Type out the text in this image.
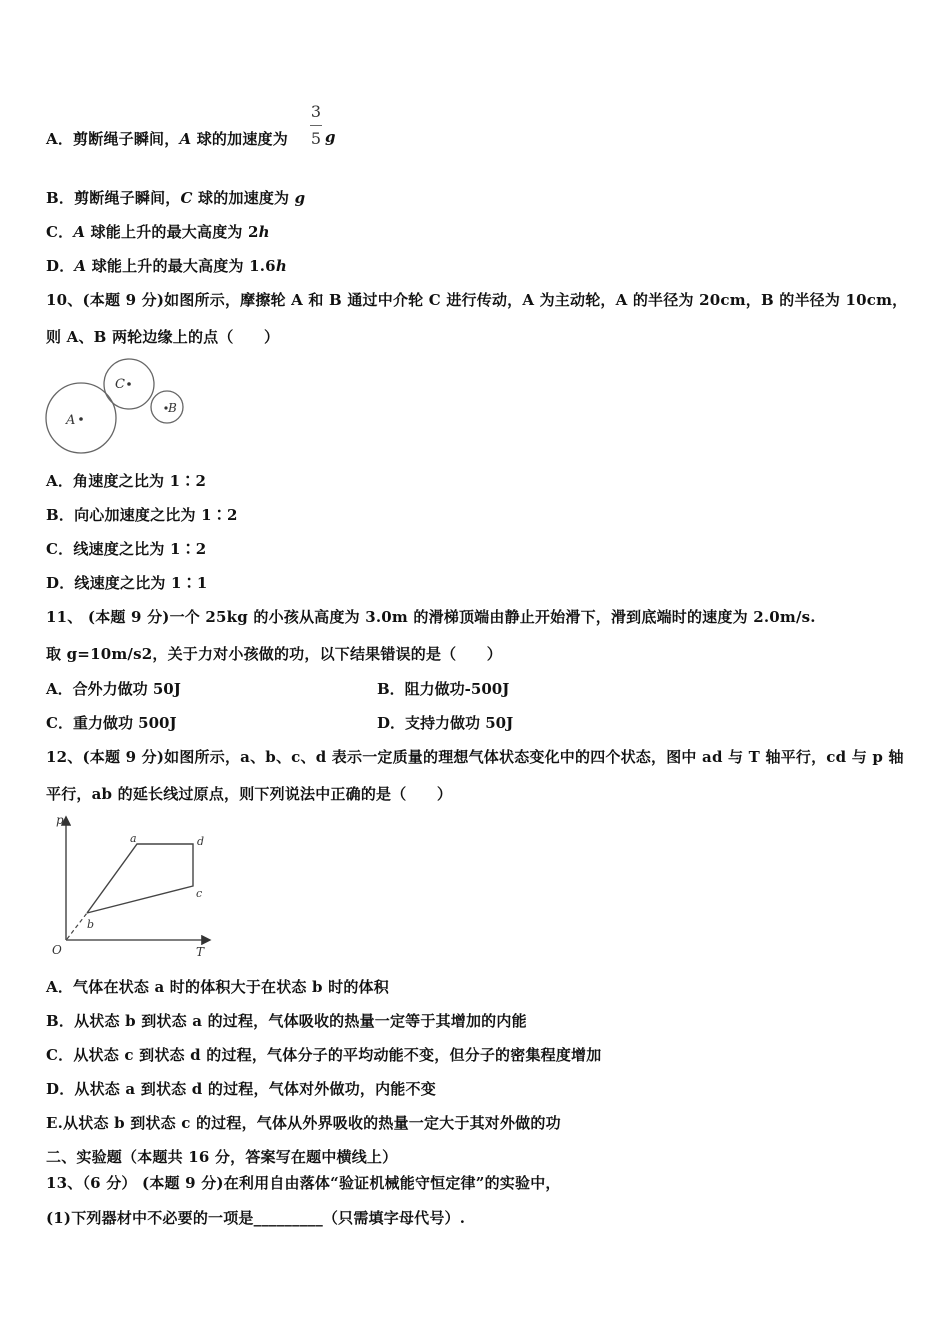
A．剪断绳子瞬间，A 球的加速度为
3
5 g
B．剪断绳子瞬间，C 球的加速度为 g
C．A 球能上升的最大高度为 2h
D．A 球能上升的最大高度为 1.6h
10、(本题 9 分)如图所示，摩擦轮 A 和 B 通过中介轮 C 进行传动，A 为主动轮，A 的半径为 20cm，B 的半径为 10cm，
则 A、B 两轮边缘上的点（　　）
A
C
B
A．角速度之比为 1∶2
B．向心加速度之比为 1∶2
C．线速度之比为 1∶2
D．线速度之比为 1∶1
11、 (本题 9 分)一个 25kg 的小孩从高度为 3.0m 的滑梯顶端由静止开始滑下，滑到底端时的速度为 2.0m/s.
取 g=10m/s2，关于力对小孩做的功，以下结果错误的是（　　）
A．合外力做功 50J	B．阻力做功-500J
C．重力做功 500J	D．支持力做功 50J
12、(本题 9 分)如图所示，a、b、c、d 表示一定质量的理想气体状态变化中的四个状态，图中 ad 与 T 轴平行，cd 与 p 轴
平行，ab 的延长线过原点，则下列说法中正确的是（　　）
p
T
O
a	d
c
b
A．气体在状态 a 时的体积大于在状态 b 时的体积
B．从状态 b 到状态 a 的过程，气体吸收的热量一定等于其增加的内能
C．从状态 c 到状态 d 的过程，气体分子的平均动能不变，但分子的密集程度增加
D．从状态 a 到状态 d 的过程，气体对外做功，内能不变
E.从状态 b 到状态 c 的过程，气体从外界吸收的热量一定大于其对外做的功
二、实验题（本题共 16 分，答案写在题中横线上）
13、（6 分） (本题 9 分)在利用自由落体“验证机械能守恒定律”的实验中，
(1)下列器材中不必要的一项是_________（只需填字母代号）.
